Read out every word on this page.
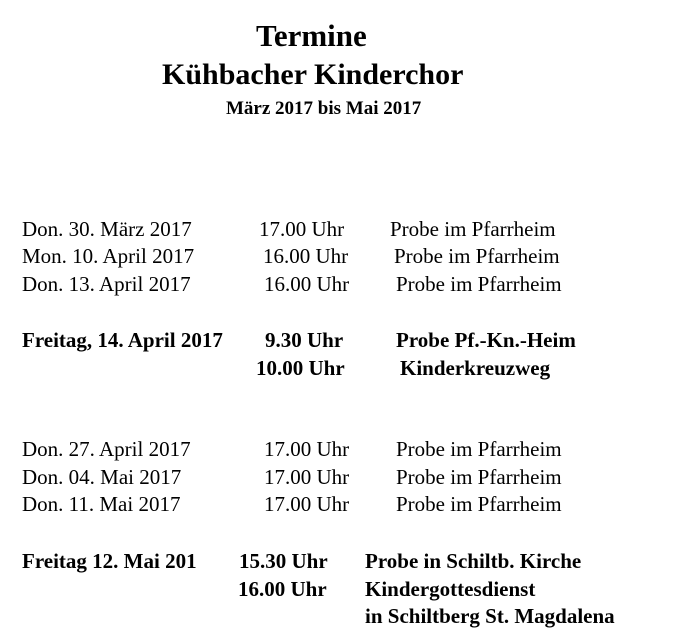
Termine
Kühbacher Kinderchor
März 2017 bis Mai 2017
Don. 30. März 2017	17.00 Uhr Probe im Pfarrheim
Mon. 10. April 2017	16.00 Uhr Probe im Pfarrheim
Don. 13. April 2017	16.00 Uhr Probe im Pfarrheim
Freitag, 14. April 2017 9.30 Uhr	Probe Pf.-Kn.-Heim
10.00 Uhr	Kinderkreuzweg
Don. 27. April 2017	17.00 Uhr Probe im Pfarrheim
Don. 04. Mai 2017	17.00 Uhr Probe im Pfarrheim
Don. 11. Mai 2017	17.00 Uhr Probe im Pfarrheim
Freitag 12. Mai 201 15.30 Uhr Probe in Schiltb. Kirche
16.00 Uhr Kindergottesdienst
in Schiltberg St. Magdalena
